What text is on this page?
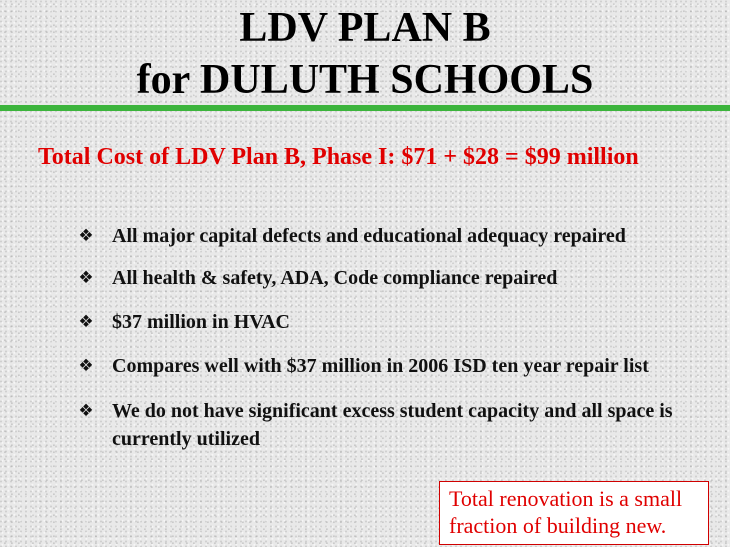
LDV PLAN B
for DULUTH SCHOOLS
Total Cost of LDV Plan B, Phase I: $71 + $28 = $99 million
❖ All major capital defects and educational adequacy repaired
❖ All health & safety, ADA, Code compliance repaired
❖ $37 million in HVAC
❖ Compares well with $37 million in 2006 ISD ten year repair list
❖ We do not have significant excess student capacity and all space is currently utilized
Total renovation is a small fraction of building new.
